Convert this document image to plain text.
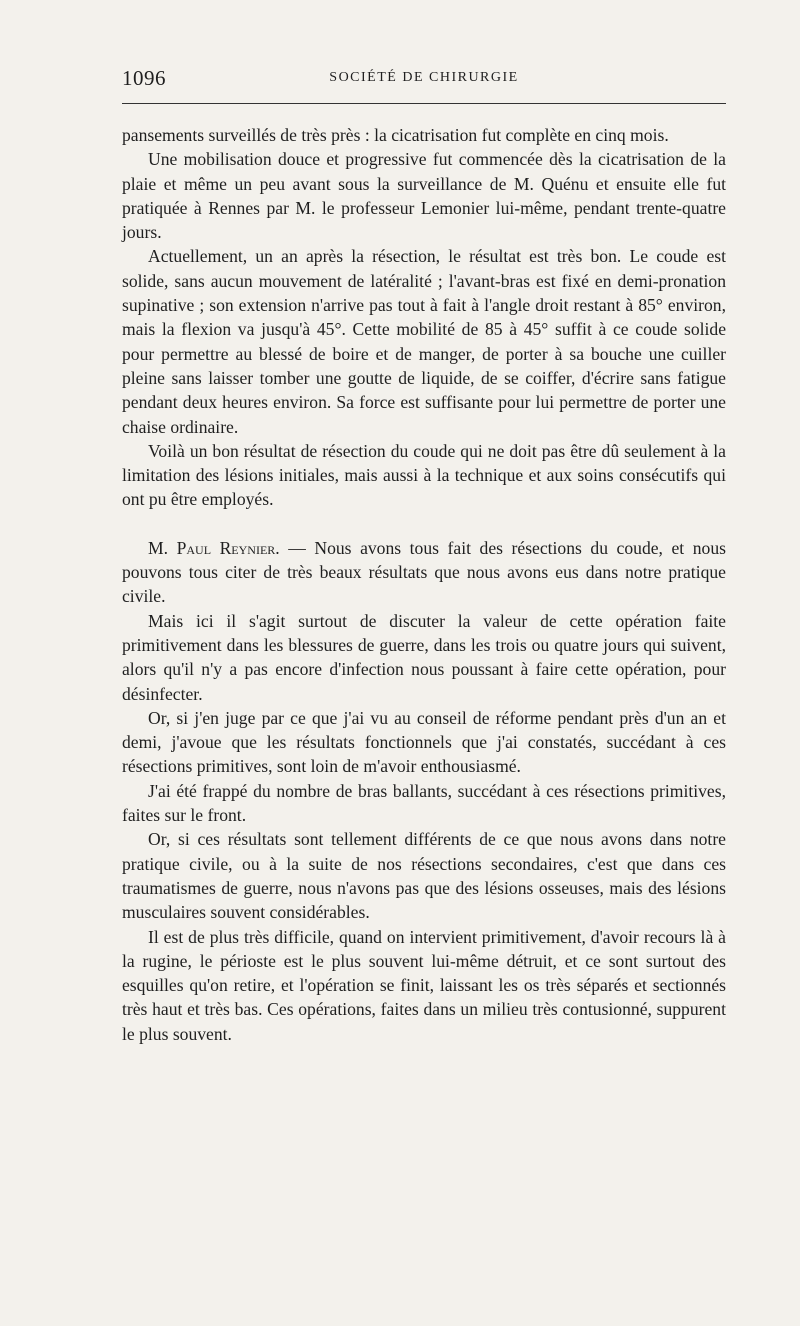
1096	SOCIÉTÉ DE CHIRURGIE

pansements surveillés de très près : la cicatrisation fut complète en cinq mois.

Une mobilisation douce et progressive fut commencée dès la cicatrisation de la plaie et même un peu avant sous la surveillance de M. Quénu et ensuite elle fut pratiquée à Rennes par M. le professeur Lemonier lui-même, pendant trente-quatre jours.

Actuellement, un an après la résection, le résultat est très bon. Le coude est solide, sans aucun mouvement de latéralité ; l'avant-bras est fixé en demi-pronation supinative ; son extension n'arrive pas tout à fait à l'angle droit restant à 85° environ, mais la flexion va jusqu'à 45°. Cette mobilité de 85 à 45° suffit à ce coude solide pour permettre au blessé de boire et de manger, de porter à sa bouche une cuiller pleine sans laisser tomber une goutte de liquide, de se coiffer, d'écrire sans fatigue pendant deux heures environ. Sa force est suffisante pour lui permettre de porter une chaise ordinaire.

Voilà un bon résultat de résection du coude qui ne doit pas être dû seulement à la limitation des lésions initiales, mais aussi à la technique et aux soins consécutifs qui ont pu être employés.

M. Paul Reynier. — Nous avons tous fait des résections du coude, et nous pouvons tous citer de très beaux résultats que nous avons eus dans notre pratique civile.

Mais ici il s'agit surtout de discuter la valeur de cette opération faite primitivement dans les blessures de guerre, dans les trois ou quatre jours qui suivent, alors qu'il n'y a pas encore d'infection nous poussant à faire cette opération, pour désinfecter.

Or, si j'en juge par ce que j'ai vu au conseil de réforme pendant près d'un an et demi, j'avoue que les résultats fonctionnels que j'ai constatés, succédant à ces résections primitives, sont loin de m'avoir enthousiasmé.

J'ai été frappé du nombre de bras ballants, succédant à ces résections primitives, faites sur le front.

Or, si ces résultats sont tellement différents de ce que nous avons dans notre pratique civile, ou à la suite de nos résections secondaires, c'est que dans ces traumatismes de guerre, nous n'avons pas que des lésions osseuses, mais des lésions musculaires souvent considérables.

Il est de plus très difficile, quand on intervient primitivement, d'avoir recours là à la rugine, le périoste est le plus souvent lui-même détruit, et ce sont surtout des esquilles qu'on retire, et l'opération se finit, laissant les os très séparés et sectionnés très haut et très bas. Ces opérations, faites dans un milieu très contusionné, suppurent le plus souvent.
